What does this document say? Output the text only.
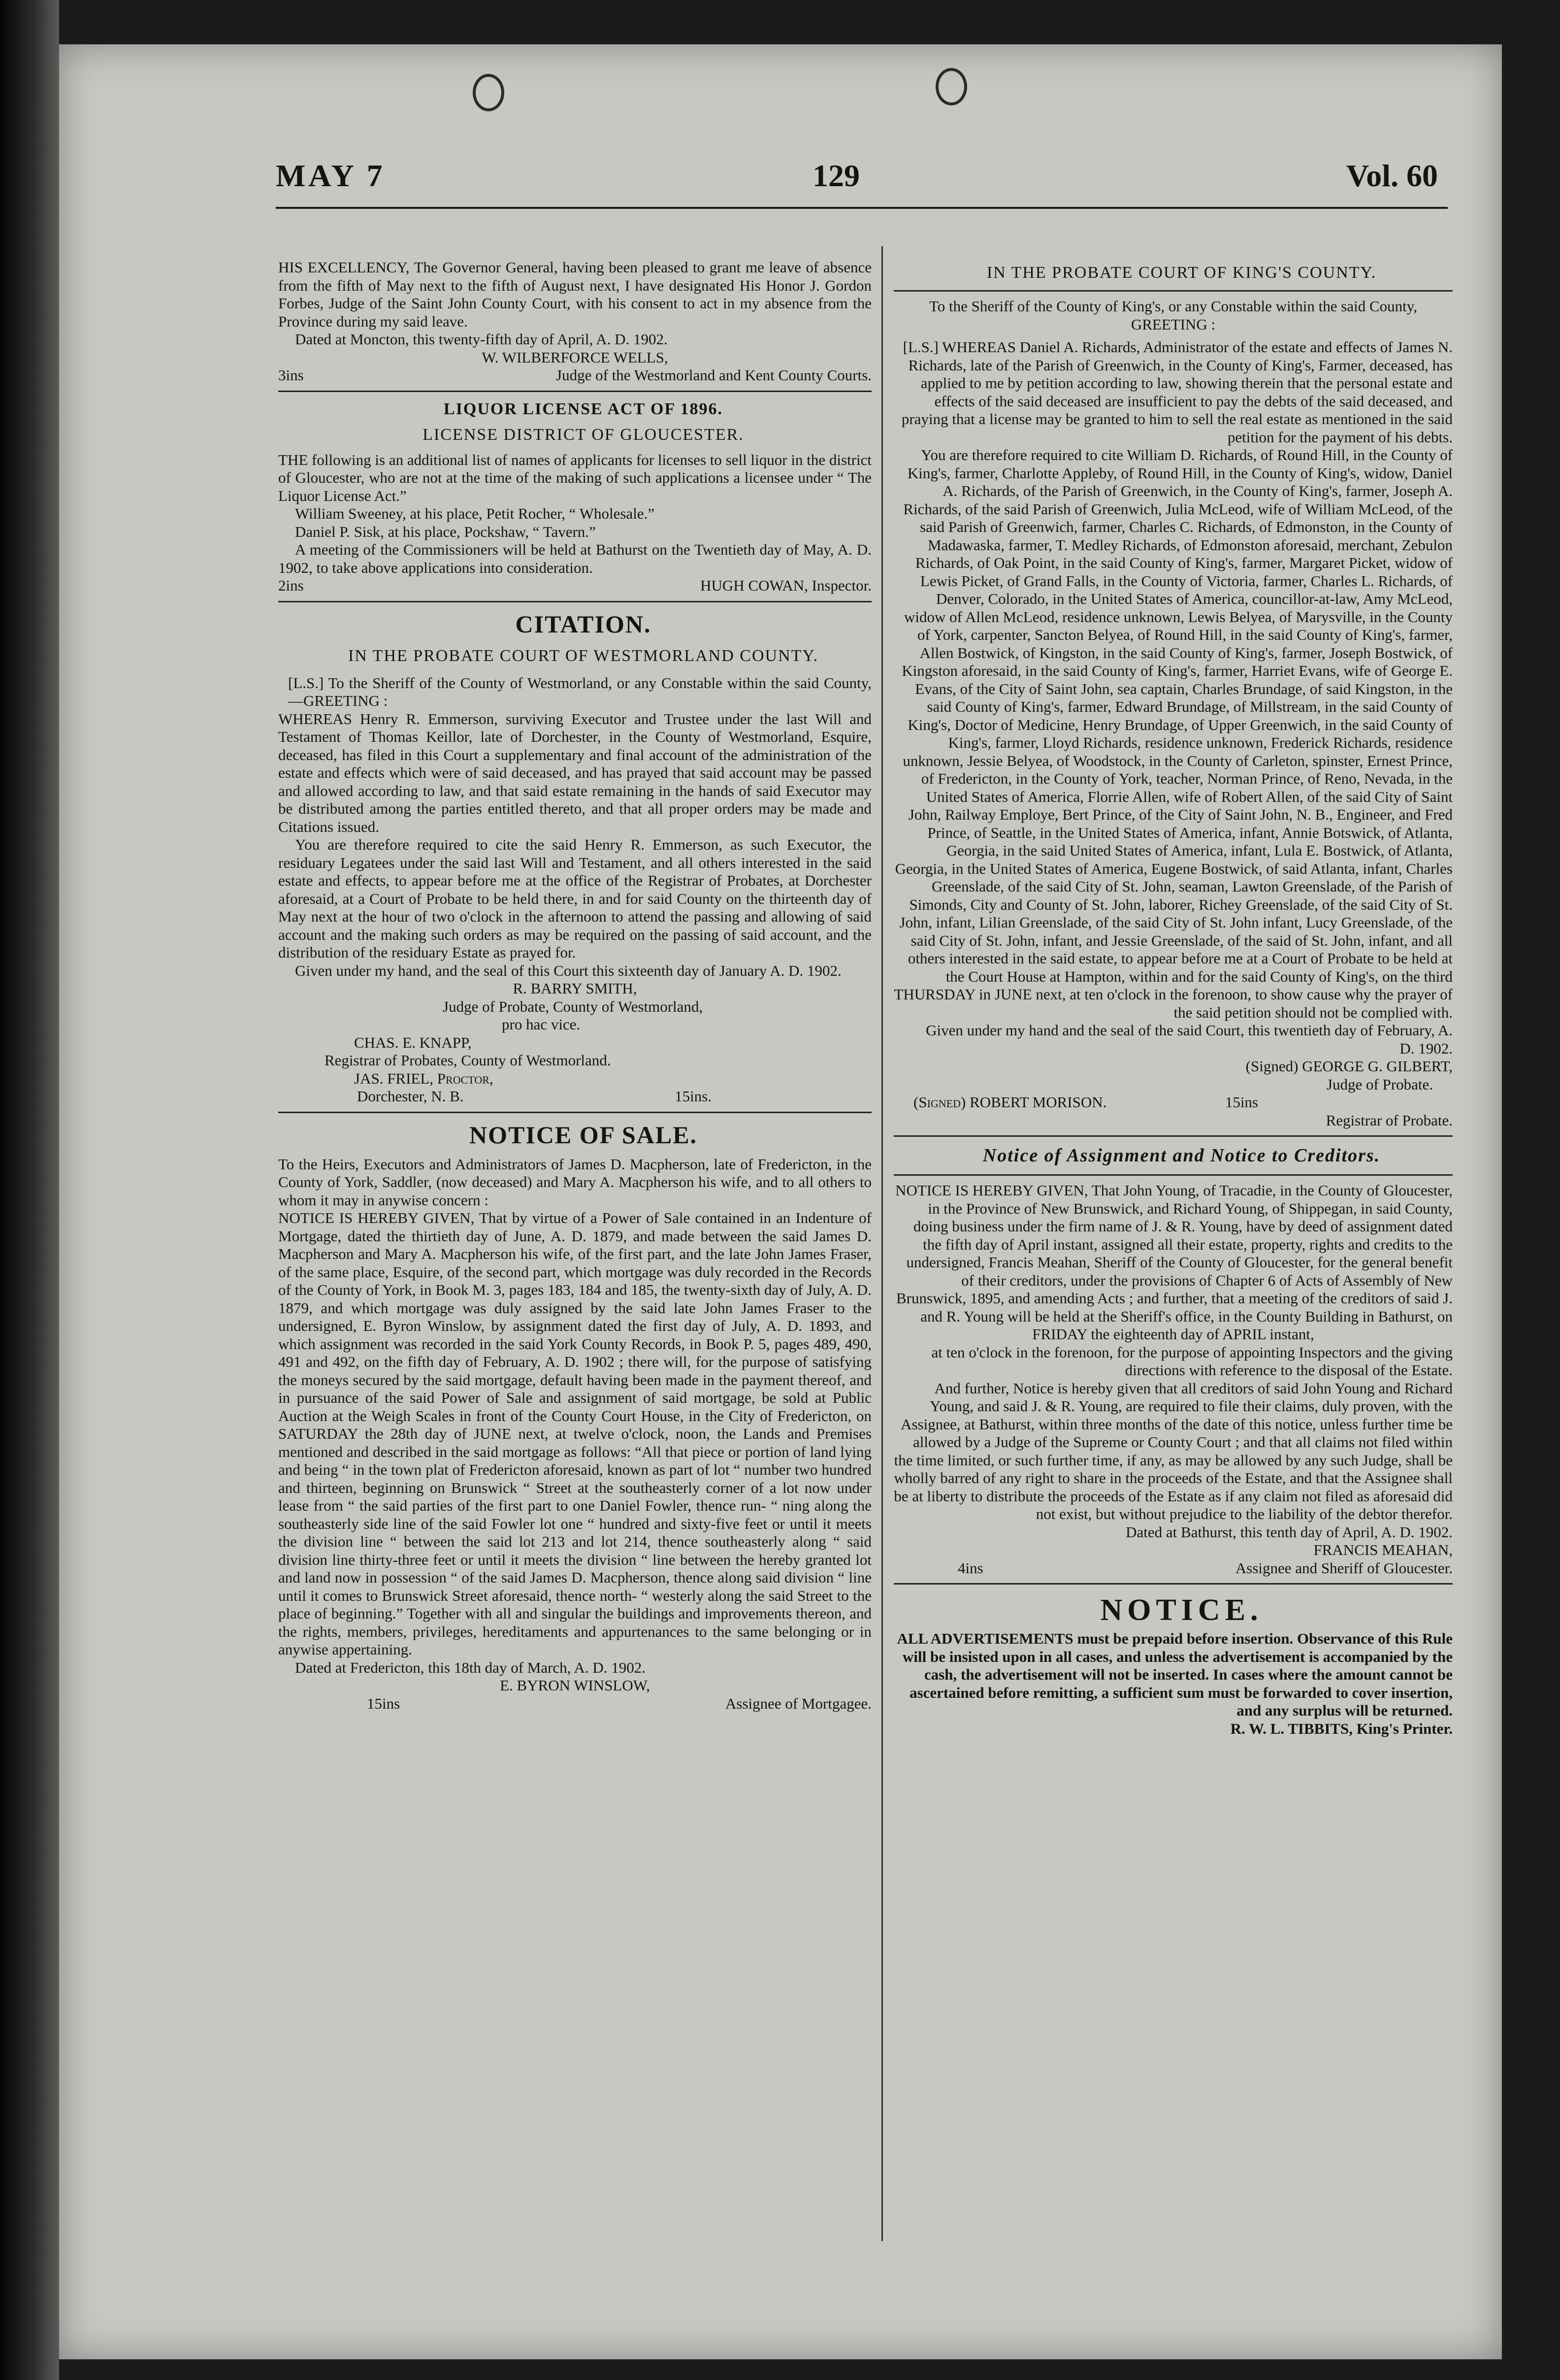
MAY 7	129	Vol. 60

HIS EXCELLENCY, The Governor General, having been pleased to grant me leave of absence from the fifth of May next to the fifth of August next, I have designated His Honor J. Gordon Forbes, Judge of the Saint John County Court, with his consent to act in my absence from the Province during my said leave.

Dated at Moncton, this twenty-fifth day of April, A. D. 1902.

W. WILBERFORCE WELLS,

3ins	Judge of the Westmorland and Kent County Courts.

LIQUOR LICENSE ACT OF 1896.

LICENSE DISTRICT OF GLOUCESTER.

THE following is an additional list of names of applicants for licenses to sell liquor in the district of Gloucester, who are not at the time of the making of such applications a licensee under “ The Liquor License Act.”

William Sweeney, at his place, Petit Rocher, “ Wholesale.”

Daniel P. Sisk, at his place, Pockshaw, “ Tavern.”

A meeting of the Commissioners will be held at Bathurst on the Twentieth day of May, A. D. 1902, to take above applications into consideration.

2ins	HUGH COWAN, Inspector.

CITATION.

IN THE PROBATE COURT OF WESTMORLAND COUNTY.

[L.S.] To the Sheriff of the County of Westmorland, or any Constable within the said County,—GREETING :

WHEREAS Henry R. Emmerson, surviving Executor and Trustee under the last Will and Testament of Thomas Keillor, late of Dorchester, in the County of Westmorland, Esquire, deceased, has filed in this Court a supplementary and final account of the administration of the estate and effects which were of said deceased, and has prayed that said account may be passed and allowed according to law, and that said estate remaining in the hands of said Executor may be distributed among the parties entitled thereto, and that all proper orders may be made and Citations issued.

You are therefore required to cite the said Henry R. Emmerson, as such Executor, the residuary Legatees under the said last Will and Testament, and all others interested in the said estate and effects, to appear before me at the office of the Registrar of Probates, at Dorchester aforesaid, at a Court of Probate to be held there, in and for said County on the thirteenth day of May next at the hour of two o'clock in the afternoon to attend the passing and allowing of said account and the making such orders as may be required on the passing of said account, and the distribution of the residuary Estate as prayed for.

Given under my hand, and the seal of this Court this sixteenth day of January A. D. 1902.

R. BARRY SMITH,

Judge of Probate, County of Westmorland,

pro hac vice.

CHAS. E. KNAPP,

Registrar of Probates, County of Westmorland.

JAS. FRIEL, Proctor,

Dorchester, N. B.	15ins.

NOTICE OF SALE.

To the Heirs, Executors and Administrators of James D. Macpherson, late of Fredericton, in the County of York, Saddler, (now deceased) and Mary A. Macpherson his wife, and to all others to whom it may in anywise concern :

NOTICE IS HEREBY GIVEN, That by virtue of a Power of Sale contained in an Indenture of Mortgage, dated the thirtieth day of June, A. D. 1879, and made between the said James D. Macpherson and Mary A. Macpherson his wife, of the first part, and the late John James Fraser, of the same place, Esquire, of the second part, which mortgage was duly recorded in the Records of the County of York, in Book M. 3, pages 183, 184 and 185, the twenty-sixth day of July, A. D. 1879, and which mortgage was duly assigned by the said late John James Fraser to the undersigned, E. Byron Winslow, by assignment dated the first day of July, A. D. 1893, and which assignment was recorded in the said York County Records, in Book P. 5, pages 489, 490, 491 and 492, on the fifth day of February, A. D. 1902 ; there will, for the purpose of satisfying the moneys secured by the said mortgage, default having been made in the payment thereof, and in pursuance of the said Power of Sale and assignment of said mortgage, be sold at Public Auction at the Weigh Scales in front of the County Court House, in the City of Fredericton, on SATURDAY the 28th day of JUNE next, at twelve o'clock, noon, the Lands and Premises mentioned and described in the said mortgage as follows: “All that piece or portion of land lying and being “ in the town plat of Fredericton aforesaid, known as part of lot “ number two hundred and thirteen, beginning on Brunswick “ Street at the southeasterly corner of a lot now under lease from “ the said parties of the first part to one Daniel Fowler, thence run- “ ning along the southeasterly side line of the said Fowler lot one “ hundred and sixty-five feet or until it meets the division line “ between the said lot 213 and lot 214, thence southeasterly along “ said division line thirty-three feet or until it meets the division “ line between the hereby granted lot and land now in possession “ of the said James D. Macpherson, thence along said division “ line until it comes to Brunswick Street aforesaid, thence north- “ westerly along the said Street to the place of beginning.” Together with all and singular the buildings and improvements thereon, and the rights, members, privileges, hereditaments and appurtenances to the same belonging or in anywise appertaining.

Dated at Fredericton, this 18th day of March, A. D. 1902.

E. BYRON WINSLOW,

15ins	Assignee of Mortgagee.

IN THE PROBATE COURT OF KING'S COUNTY.

To the Sheriff of the County of King's, or any Constable within the said County, GREETING :

[L.S.] WHEREAS Daniel A. Richards, Administrator of the estate and effects of James N. Richards, late of the Parish of Greenwich, in the County of King's, Farmer, deceased, has applied to me by petition according to law, showing therein that the personal estate and effects of the said deceased are insufficient to pay the debts of the said deceased, and praying that a license may be granted to him to sell the real estate as mentioned in the said petition for the payment of his debts.

You are therefore required to cite William D. Richards, of Round Hill, in the County of King's, farmer, Charlotte Appleby, of Round Hill, in the County of King's, widow, Daniel A. Richards, of the Parish of Greenwich, in the County of King's, farmer, Joseph A. Richards, of the said Parish of Greenwich, Julia McLeod, wife of William McLeod, of the said Parish of Greenwich, farmer, Charles C. Richards, of Edmonston, in the County of Madawaska, farmer, T. Medley Richards, of Edmonston aforesaid, merchant, Zebulon Richards, of Oak Point, in the said County of King's, farmer, Margaret Picket, widow of Lewis Picket, of Grand Falls, in the County of Victoria, farmer, Charles L. Richards, of Denver, Colorado, in the United States of America, councillor-at-law, Amy McLeod, widow of Allen McLeod, residence unknown, Lewis Belyea, of Marysville, in the County of York, carpenter, Sancton Belyea, of Round Hill, in the said County of King's, farmer, Allen Bostwick, of Kingston, in the said County of King's, farmer, Joseph Bostwick, of Kingston aforesaid, in the said County of King's, farmer, Harriet Evans, wife of George E. Evans, of the City of Saint John, sea captain, Charles Brundage, of said Kingston, in the said County of King's, farmer, Edward Brundage, of Millstream, in the said County of King's, Doctor of Medicine, Henry Brundage, of Upper Greenwich, in the said County of King's, farmer, Lloyd Richards, residence unknown, Frederick Richards, residence unknown, Jessie Belyea, of Woodstock, in the County of Carleton, spinster, Ernest Prince, of Fredericton, in the County of York, teacher, Norman Prince, of Reno, Nevada, in the United States of America, Florrie Allen, wife of Robert Allen, of the said City of Saint John, Railway Employe, Bert Prince, of the City of Saint John, N. B., Engineer, and Fred Prince, of Seattle, in the United States of America, infant, Annie Botswick, of Atlanta, Georgia, in the said United States of America, infant, Lula E. Bostwick, of Atlanta, Georgia, in the United States of America, Eugene Bostwick, of said Atlanta, infant, Charles Greenslade, of the said City of St. John, seaman, Lawton Greenslade, of the Parish of Simonds, City and County of St. John, laborer, Richey Greenslade, of the said City of St. John, infant, Lilian Greenslade, of the said City of St. John infant, Lucy Greenslade, of the said City of St. John, infant, and Jessie Greenslade, of the said of St. John, infant, and all others interested in the said estate, to appear before me at a Court of Probate to be held at the Court House at Hampton, within and for the said County of King's, on the third THURSDAY in JUNE next, at ten o'clock in the forenoon, to show cause why the prayer of the said petition should not be complied with.

Given under my hand and the seal of the said Court, this twentieth day of February, A. D. 1902.

(Signed) GEORGE G. GILBERT,

Judge of Probate.

(Signed) ROBERT MORISON.	15ins

Registrar of Probate.

Notice of Assignment and Notice to Creditors.

NOTICE IS HEREBY GIVEN, That John Young, of Tracadie, in the County of Gloucester, in the Province of New Brunswick, and Richard Young, of Shippegan, in said County, doing business under the firm name of J. & R. Young, have by deed of assignment dated the fifth day of April instant, assigned all their estate, property, rights and credits to the undersigned, Francis Meahan, Sheriff of the County of Gloucester, for the general benefit of their creditors, under the provisions of Chapter 6 of Acts of Assembly of New Brunswick, 1895, and amending Acts ; and further, that a meeting of the creditors of said J. and R. Young will be held at the Sheriff's office, in the County Building in Bathurst, on

FRIDAY the eighteenth day of APRIL instant,

at ten o'clock in the forenoon, for the purpose of appointing Inspectors and the giving directions with reference to the disposal of the Estate.

And further, Notice is hereby given that all creditors of said John Young and Richard Young, and said J. & R. Young, are required to file their claims, duly proven, with the Assignee, at Bathurst, within three months of the date of this notice, unless further time be allowed by a Judge of the Supreme or County Court ; and that all claims not filed within the time limited, or such further time, if any, as may be allowed by any such Judge, shall be wholly barred of any right to share in the proceeds of the Estate, and that the Assignee shall be at liberty to distribute the proceeds of the Estate as if any claim not filed as aforesaid did not exist, but without prejudice to the liability of the debtor therefor.

Dated at Bathurst, this tenth day of April, A. D. 1902.

FRANCIS MEAHAN,

4ins	Assignee and Sheriff of Gloucester.

NOTICE.

ALL ADVERTISEMENTS must be prepaid before insertion. Observance of this Rule will be insisted upon in all cases, and unless the advertisement is accompanied by the cash, the advertisement will not be inserted. In cases where the amount cannot be ascertained before remitting, a sufficient sum must be forwarded to cover insertion, and any surplus will be returned.

R. W. L. TIBBITS, King's Printer.
